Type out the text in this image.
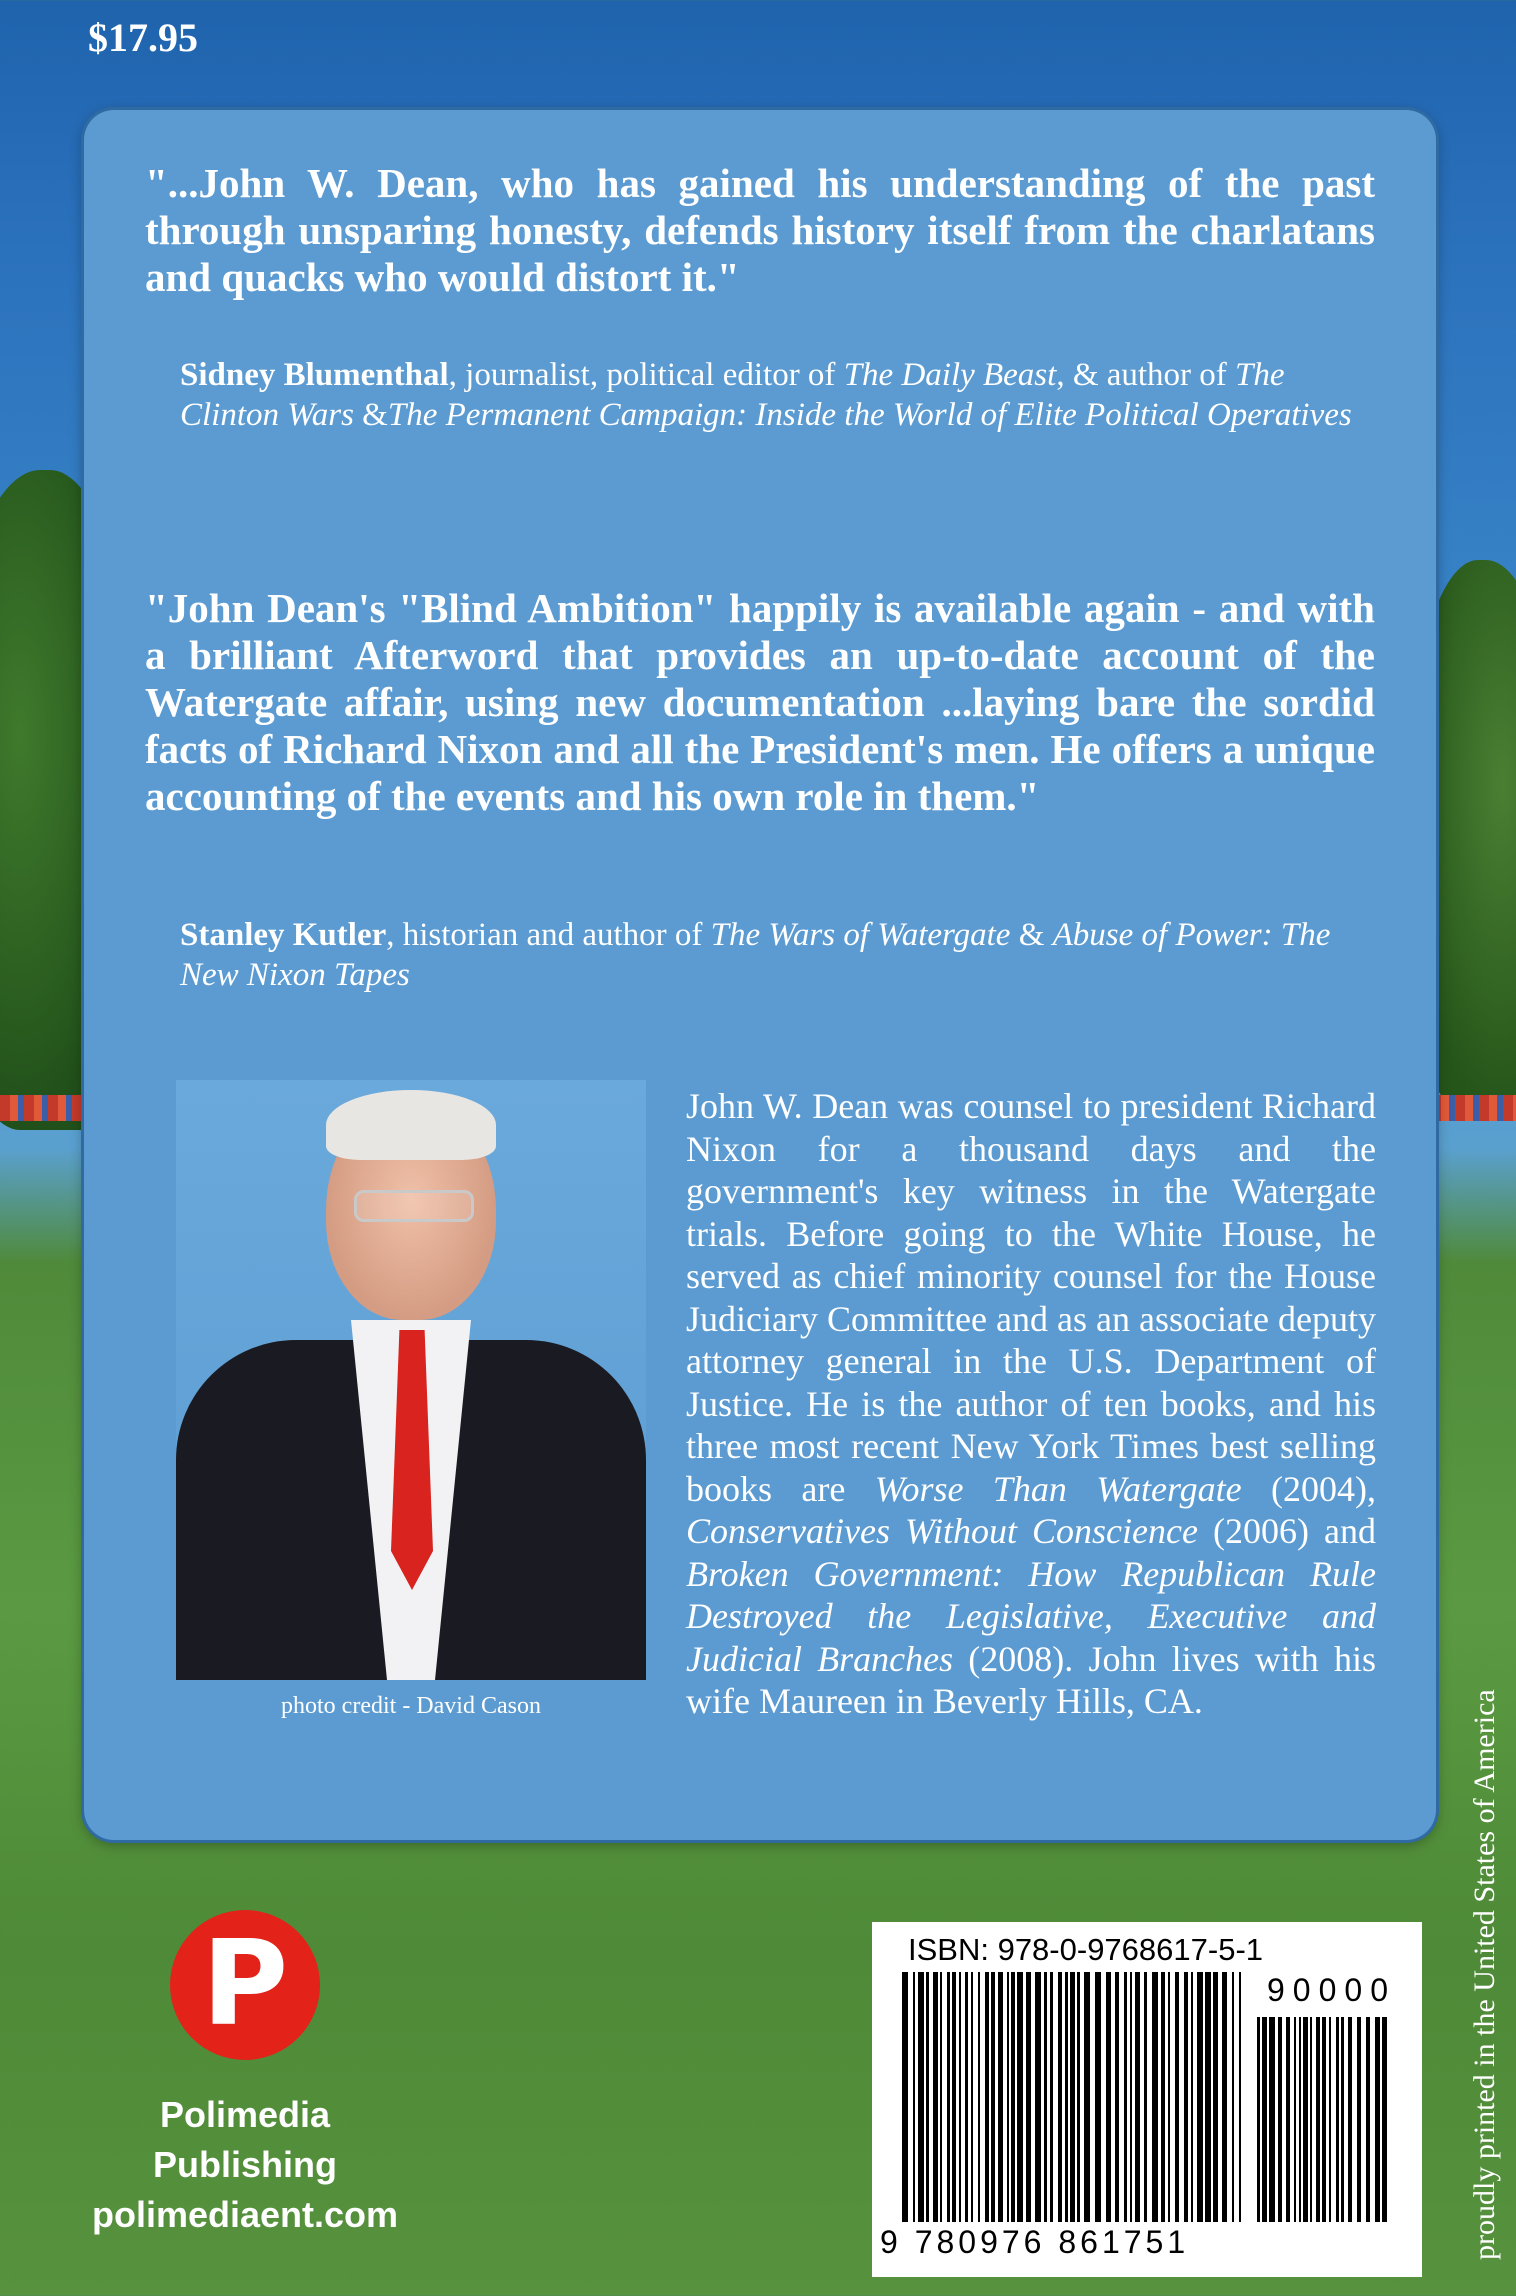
$17.95

"...John W. Dean, who has gained his understanding of the past through unsparing honesty, defends history itself from the charlatans and quacks who would distort it."

Sidney Blumenthal, journalist, political editor of The Daily Beast, & author of The Clinton Wars &The Permanent Campaign: Inside the World of Elite Political Operatives

"John Dean's "Blind Ambition" happily is available again - and with a brilliant Afterword that provides an up-to-date account of the Watergate affair, using new documentation ...laying bare the sordid facts of Richard Nixon and all the President's men. He offers a unique accounting of the events and his own role in them."

Stanley Kutler, historian and author of The Wars of Watergate & Abuse of Power: The New Nixon Tapes

photo credit - David Cason

John W. Dean was counsel to president Richard Nixon for a thousand days and the government's key witness in the Watergate trials. Before going to the White House, he served as chief minority counsel for the House Judiciary Committee and as an associate deputy attorney general in the U.S. Department of Justice. He is the author of ten books, and his three most recent New York Times best selling books are Worse Than Watergate (2004), Conservatives Without Conscience (2006) and Broken Government: How Republican Rule Destroyed the Legislative, Executive and Judicial Branches (2008). John lives with his wife Maureen in Beverly Hills, CA.

P
Polimedia
Publishing
polimediaent.com
ISBN: 978-0-9768617-5-1
90000
9 780976 861751	proudly printed in the United States of America
